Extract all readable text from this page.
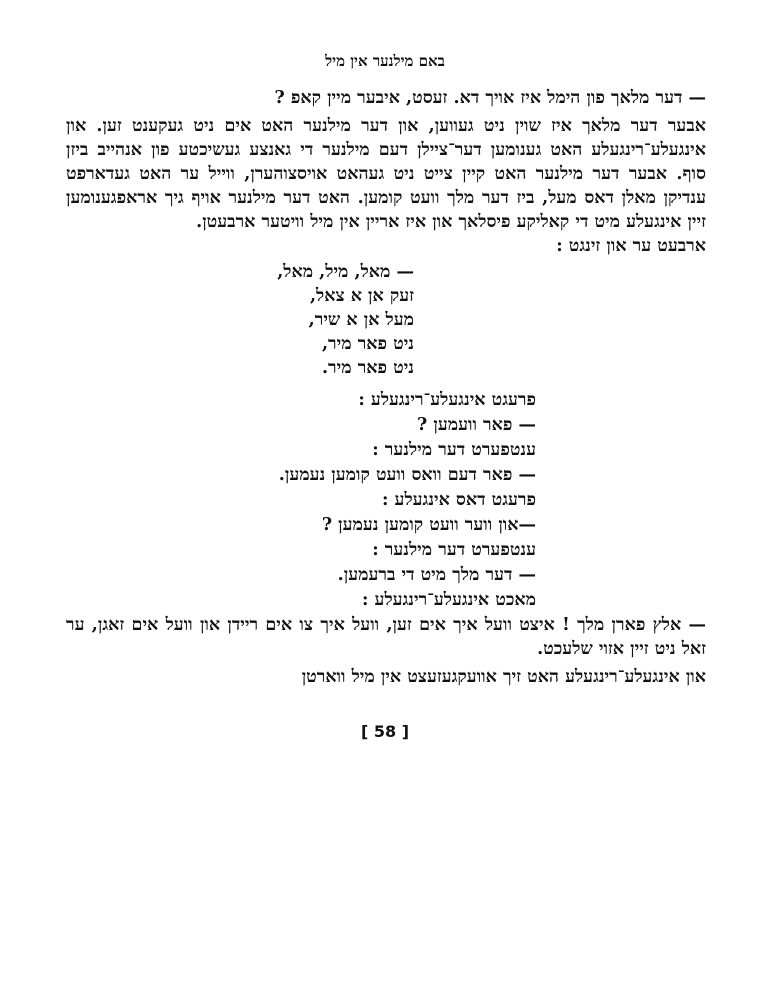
באם מילנער אין מיל

— דער מלאך פון הימל איז אויך דא. זעסט, איבער מיין קאפ ?

אבער דער מלאך איז שוין ניט געווען, און דער מילנער האט אים ניט געקענט זען. און אינגעלע־רינגעלע האט גענומען דער־ציילן דעם מילנער די גאנצע געשיכטע פון אנהייב ביזן סוף. אבער דער מילנער האט קיין צייט ניט געהאט אויסצוהערן, ווייל ער האט געדארפט ענדיקן מאלן דאס מעל, ביז דער מלך וועט קומען. האט דער מילנער אויף גיך אראפגענומען זיין אינגעלע מיט די קאליקע פיסלאך און איז אריין אין מיל וויטער ארבעטן.

ארבעט ער און זינגט :

— מאל, מיל, מאל,
זעק אן א צאל,
מעל אן א שיר,
ניט פאר מיר,
ניט פאר מיר.
פרעגט אינגעלע־רינגעלע :
— פאר וועמען ?
ענטפערט דער מילנער :
— פאר דעם וואס וועט קומען נעמען.
פרעגט דאס אינגעלע :
—און ווער וועט קומען נעמען ?
ענטפערט דער מילנער :
— דער מלך מיט די ברעמען.
מאכט אינגעלע־רינגעלע :

— אלץ פארן מלך ! איצט וועל איך אים זען, וועל איך צו אים ריידן און וועל אים זאגן, ער זאל ניט זיין אזוי שלעכט.

און אינגעלע־רינגעלע האט זיך אוועקגעזעצט אין מיל ווארטן

[ 58 ]
